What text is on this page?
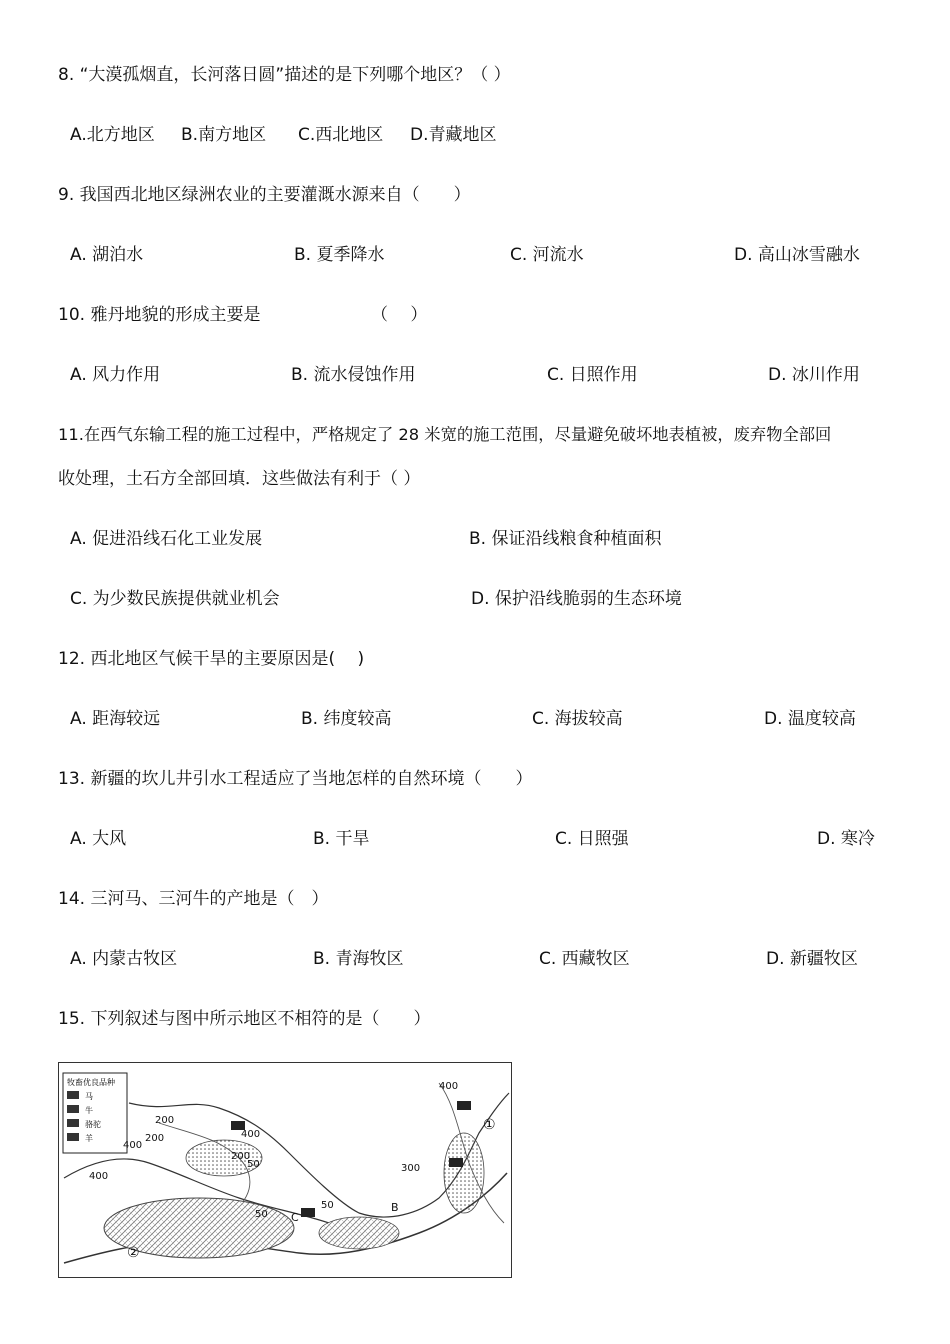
8. “大漠孤烟直，长河落日圆”描述的是下列哪个地区？（ ）
A.北方地区 B.南方地区 C.西北地区 D.青藏地区
9. 我国西北地区绿洲农业的主要灌溉水源来自（　　）
A. 湖泊水	B. 夏季降水	C. 河流水	D. 高山冰雪融水
10. 雅丹地貌的形成主要是　　　　　　　（　 ）
A. 风力作用	B. 流水侵蚀作用	C. 日照作用	D. 冰川作用
11.在西气东输工程的施工过程中，严格规定了 28 米宽的施工范围，尽量避免破坏地表植被，废弃物全部回
收处理，土石方全部回填．这些做法有利于（ ）
A. 促进沿线石化工业发展	B. 保证沿线粮食种植面积
C. 为少数民族提供就业机会	D. 保护沿线脆弱的生态环境
12. 西北地区气候干旱的主要原因是(　 )
A. 距海较远	B. 纬度较高	C. 海拔较高	D. 温度较高
13. 新疆的坎儿井引水工程适应了当地怎样的自然环境（　　）
A. 大风	B. 干旱	C. 日照强	D. 寒冷
14. 三河马、三河牛的产地是（　）
A. 内蒙古牧区	B. 青海牧区	C. 西藏牧区	D. 新疆牧区
15. 下列叙述与图中所示地区不相符的是（　　）
牧畜优良品种
马
牛
骆驼
羊
400
200
200
400
400
200
400
50
50
300
50
①
②
B
C
